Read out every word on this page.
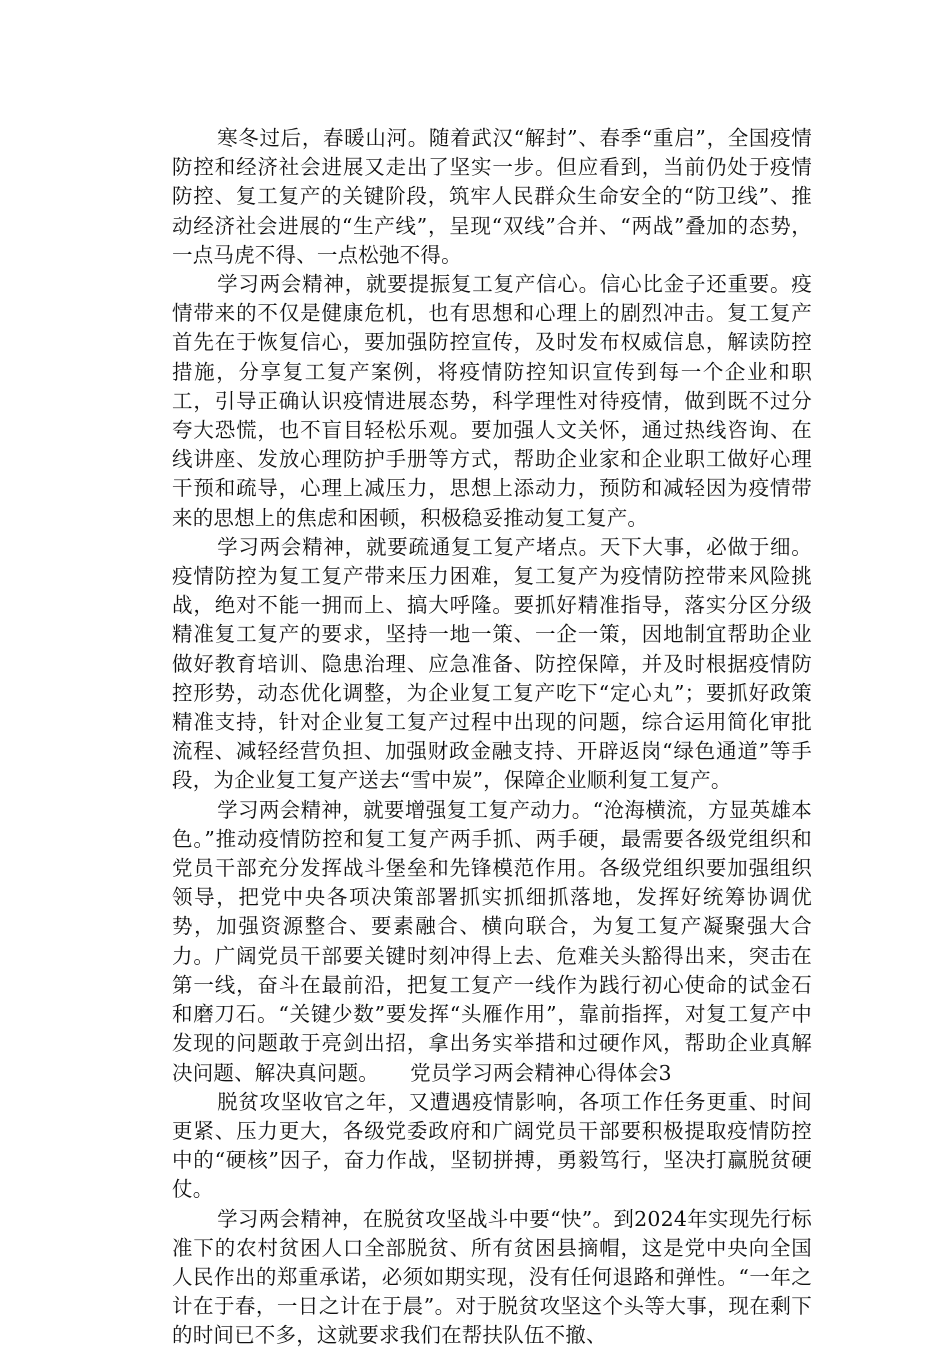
寒冬过后，春暖山河。随着武汉“解封”、春季“重启”，全国疫情防控和经济社会进展又走出了坚实一步。但应看到，当前仍处于疫情防控、复工复产的关键阶段，筑牢人民群众生命安全的“防卫线”、推动经济社会进展的“生产线”，呈现“双线”合并、“两战”叠加的态势，一点马虎不得、一点松弛不得。

学习两会精神，就要提振复工复产信心。信心比金子还重要。疫情带来的不仅是健康危机，也有思想和心理上的剧烈冲击。复工复产首先在于恢复信心，要加强防控宣传，及时发布权威信息，解读防控措施，分享复工复产案例，将疫情防控知识宣传到每一个企业和职工，引导正确认识疫情进展态势，科学理性对待疫情，做到既不过分夸大恐慌，也不盲目轻松乐观。要加强人文关怀，通过热线咨询、在线讲座、发放心理防护手册等方式，帮助企业家和企业职工做好心理干预和疏导，心理上减压力，思想上添动力，预防和减轻因为疫情带来的思想上的焦虑和困顿，积极稳妥推动复工复产。

学习两会精神，就要疏通复工复产堵点。天下大事，必做于细。疫情防控为复工复产带来压力困难，复工复产为疫情防控带来风险挑战，绝对不能一拥而上、搞大呼隆。要抓好精准指导，落实分区分级精准复工复产的要求，坚持一地一策、一企一策，因地制宜帮助企业做好教育培训、隐患治理、应急准备、防控保障，并及时根据疫情防控形势，动态优化调整，为企业复工复产吃下“定心丸”；要抓好政策精准支持，针对企业复工复产过程中出现的问题，综合运用简化审批流程、减轻经营负担、加强财政金融支持、开辟返岗“绿色通道”等手段，为企业复工复产送去“雪中炭”，保障企业顺利复工复产。

学习两会精神，就要增强复工复产动力。“沧海横流，方显英雄本色。”推动疫情防控和复工复产两手抓、两手硬，最需要各级党组织和党员干部充分发挥战斗堡垒和先锋模范作用。各级党组织要加强组织领导，把党中央各项决策部署抓实抓细抓落地，发挥好统筹协调优势，加强资源整合、要素融合、横向联合，为复工复产凝聚强大合力。广阔党员干部要关键时刻冲得上去、危难关头豁得出来，突击在第一线，奋斗在最前沿，把复工复产一线作为践行初心使命的试金石和磨刀石。“关键少数”要发挥“头雁作用”，靠前指挥，对复工复产中发现的问题敢于亮剑出招，拿出务实举措和过硬作风，帮助企业真解决问题、解决真问题。　　党员学习两会精神心得体会3

脱贫攻坚收官之年，又遭遇疫情影响，各项工作任务更重、时间更紧、压力更大，各级党委政府和广阔党员干部要积极提取疫情防控中的“硬核”因子，奋力作战，坚韧拼搏，勇毅笃行，坚决打赢脱贫硬仗。

学习两会精神，在脱贫攻坚战斗中要“快”。到2024年实现先行标准下的农村贫困人口全部脱贫、所有贫困县摘帽，这是党中央向全国人民作出的郑重承诺，必须如期实现，没有任何退路和弹性。“一年之计在于春，一日之计在于晨”。对于脱贫攻坚这个头等大事，现在剩下的时间已不多，这就要求我们在帮扶队伍不撤、
